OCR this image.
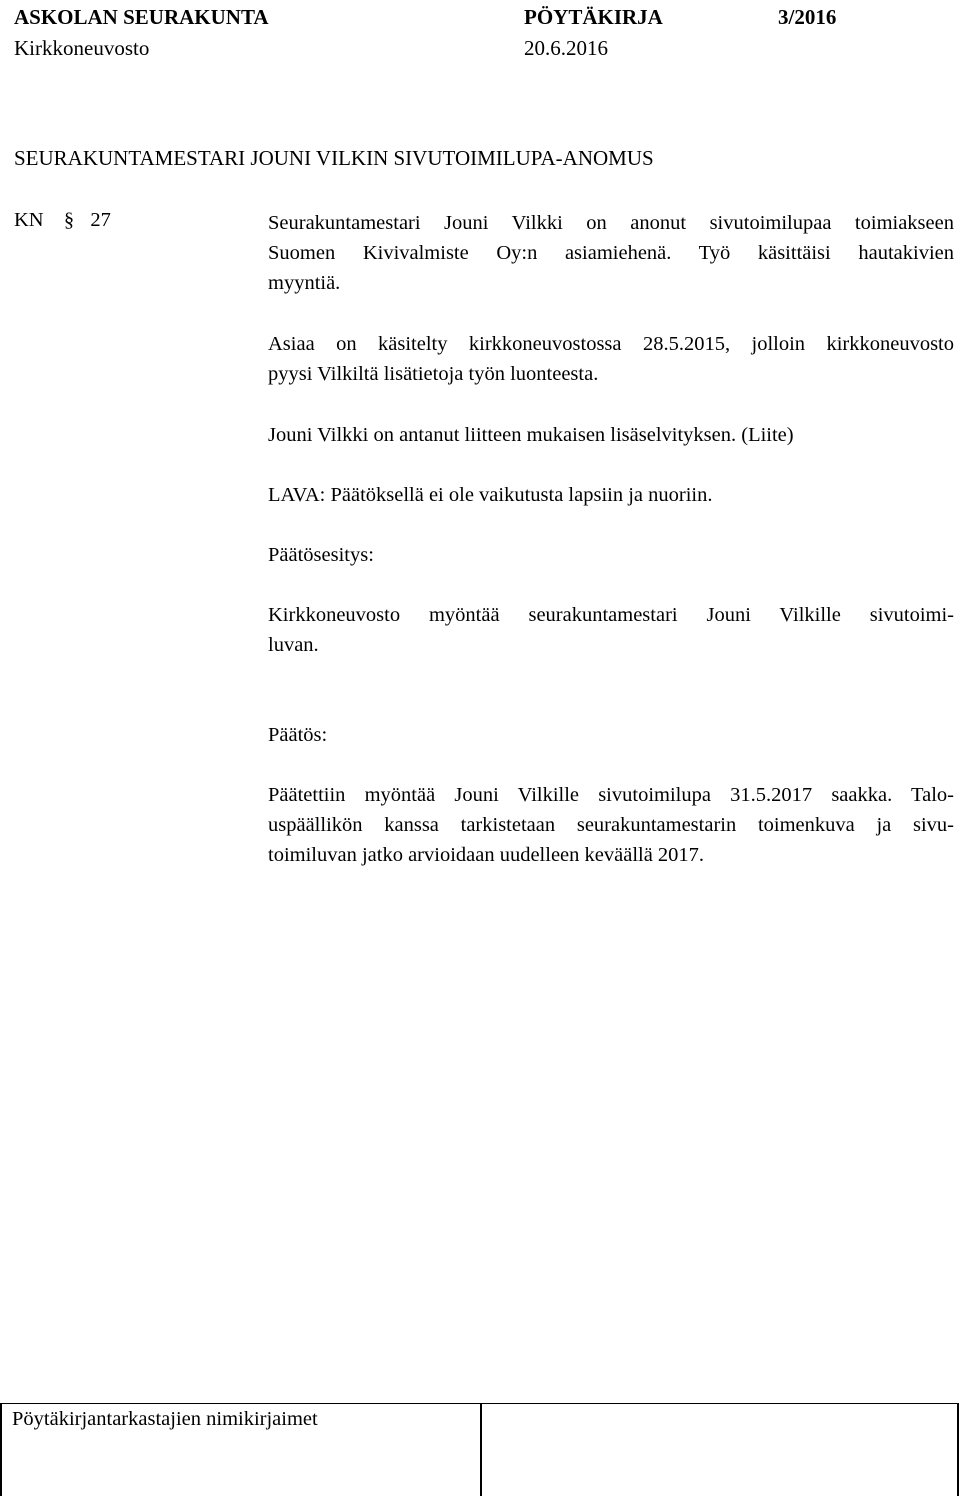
ASKOLAN SEURAKUNTA	PÖYTÄKIRJA	3/2016
Kirkkoneuvosto	20.6.2016
SEURAKUNTAMESTARI JOUNI VILKIN SIVUTOIMILUPA-ANOMUS
KN § 27	Seurakuntamestari Jouni Vilkki on anonut sivutoimilupaa toimiakseen

Suomen Kivivalmiste Oy:n asiamiehenä. Työ käsittäisi hautakivien

myyntiä.

Asiaa on käsitelty kirkkoneuvostossa 28.5.2015, jolloin kirkkoneuvosto

pyysi Vilkiltä lisätietoja työn luonteesta.

Jouni Vilkki on antanut liitteen mukaisen lisäselvityksen. (Liite)

LAVA: Päätöksellä ei ole vaikutusta lapsiin ja nuoriin.

Päätösesitys:

Kirkkoneuvosto myöntää seurakuntamestari Jouni Vilkille sivutoimi-

luvan.

Päätös:

Päätettiin myöntää Jouni Vilkille sivutoimilupa 31.5.2017 saakka. Talo-

uspäällikön kanssa tarkistetaan seurakuntamestarin toimenkuva ja sivu-

toimiluvan jatko arvioidaan uudelleen keväällä 2017.

Pöytäkirjantarkastajien nimikirjaimet
